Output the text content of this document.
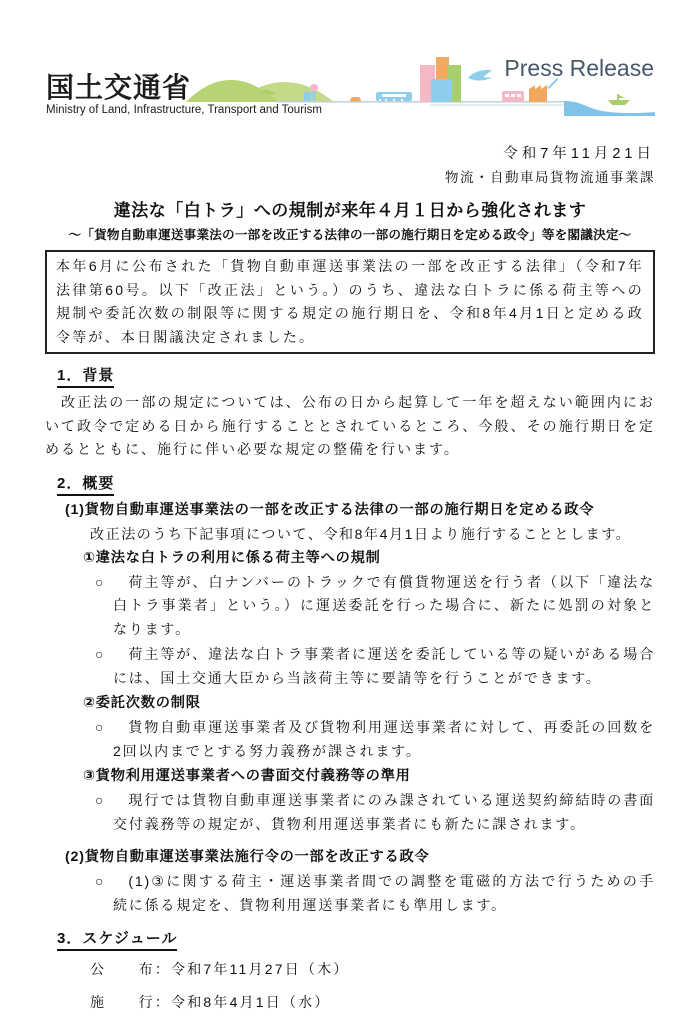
国土交通省
Ministry of Land, Infrastructure, Transport and Tourism
Press Release
令和7年11月21日
物流・自動車局貨物流通事業課
違法な「白トラ」への規制が来年４月１日から強化されます
～「貨物自動車運送事業法の一部を改正する法律の一部の施行期日を定める政令」等を閣議決定～
本年6月に公布された「貨物自動車運送事業法の一部を改正する法律」（令和7年法律第60号。以下「改正法」という。）のうち、違法な白トラに係る荷主等への規制や委託次数の制限等に関する規定の施行期日を、令和8年4月1日と定める政令等が、本日閣議決定されました。
1．背景

　改正法の一部の規定については、公布の日から起算して一年を超えない範囲内において政令で定める日から施行することとされているところ、今般、その施行期日を定めるとともに、施行に伴い必要な規定の整備を行います。

2．概要
(1)貨物自動車運送事業法の一部を改正する法律の一部の施行期日を定める政令
改正法のうち下記事項について、令和8年4月1日より施行することとします。
①違法な白トラの利用に係る荷主等への規制
○	荷主等が、白ナンバーのトラックで有償貨物運送を行う者（以下「違法な白トラ事業者」という。）に運送委託を行った場合に、新たに処罰の対象となります。
○	荷主等が、違法な白トラ事業者に運送を委託している等の疑いがある場合には、国土交通大臣から当該荷主等に要請等を行うことができます。
②委託次数の制限
○	貨物自動車運送事業者及び貨物利用運送事業者に対して、再委託の回数を2回以内までとする努力義務が課されます。
③貨物利用運送事業者への書面交付義務等の準用
○	現行では貨物自動車運送事業者にのみ課されている運送契約締結時の書面交付義務等の規定が、貨物利用運送事業者にも新たに課されます。
(2)貨物自動車運送事業法施行令の一部を改正する政令
○	(1)③に関する荷主・運送事業者間での調整を電磁的方法で行うための手続に係る規定を、貨物利用運送事業者にも準用します。
3．スケジュール
公　　布：令和7年11月27日（木）
施　　行：令和8年4月1日（水）
